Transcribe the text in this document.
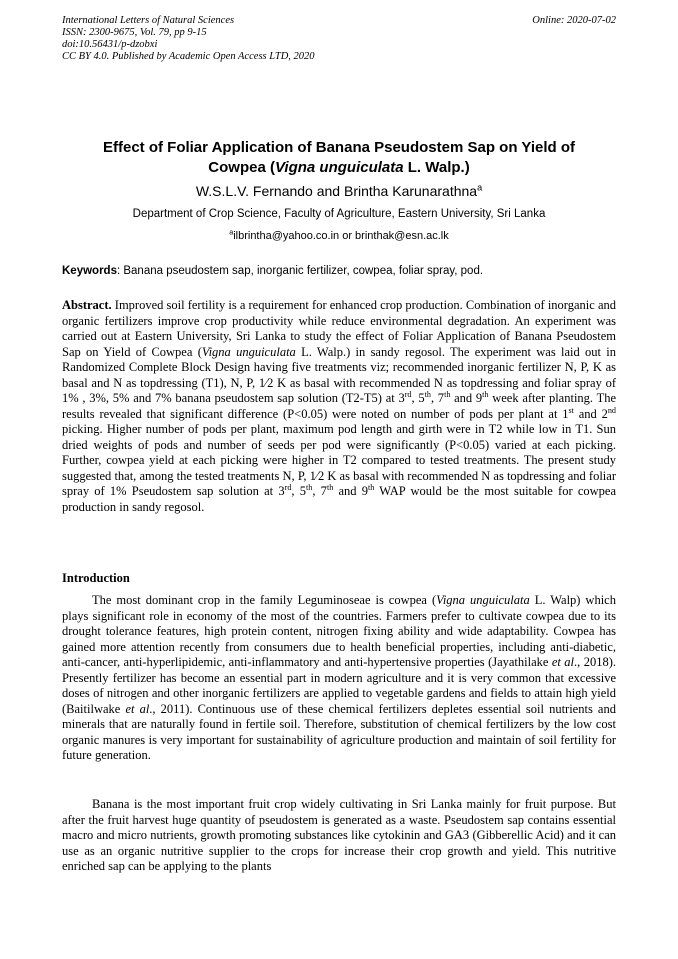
International Letters of Natural Sciences
ISSN: 2300-9675, Vol. 79, pp 9-15
doi:10.56431/p-dzobxi
CC BY 4.0. Published by Academic Open Access LTD, 2020
Online: 2020-07-02
Effect of Foliar Application of Banana Pseudostem Sap on Yield of
Cowpea (Vigna unguiculata L. Walp.)
W.S.L.V. Fernando and Brintha Karunarathna$^a$
Department of Crop Science, Faculty of Agriculture, Eastern University, Sri Lanka
$^a$ilbrintha@yahoo.co.in or brinthak@esn.ac.lk
Keywords: Banana pseudostem sap, inorganic fertilizer, cowpea, foliar spray, pod.

Abstract. Improved soil fertility is a requirement for enhanced crop production. Combination of inorganic and organic fertilizers improve crop productivity while reduce environmental degradation. An experiment was carried out at Eastern University, Sri Lanka to study the effect of Foliar Application of Banana Pseudostem Sap on Yield of Cowpea (Vigna unguiculata L. Walp.) in sandy regosol. The experiment was laid out in Randomized Complete Block Design having five treatments viz; recommended inorganic fertilizer N, P, K as basal and N as topdressing (T1), N, P, 1⁄2 K as basal with recommended N as topdressing and foliar spray of 1% , 3%, 5% and 7% banana pseudostem sap solution (T2-T5) at 3rd, 5th, 7th and 9th week after planting. The results revealed that significant difference (P<0.05) were noted on number of pods per plant at 1st and 2nd picking. Higher number of pods per plant, maximum pod length and girth were in T2 while low in T1. Sun dried weights of pods and number of seeds per pod were significantly (P<0.05) varied at each picking. Further, cowpea yield at each picking were higher in T2 compared to tested treatments. The present study suggested that, among the tested treatments N, P, 1⁄2 K as basal with recommended N as topdressing and foliar spray of 1% Pseudostem sap solution at 3rd, 5th, 7th and 9th WAP would be the most suitable for cowpea production in sandy regosol.

Introduction

The most dominant crop in the family Leguminoseae is cowpea (Vigna unguiculata L. Walp) which plays significant role in economy of the most of the countries. Farmers prefer to cultivate cowpea due to its drought tolerance features, high protein content, nitrogen fixing ability and wide adaptability. Cowpea has gained more attention recently from consumers due to health beneficial properties, including anti-diabetic, anti-cancer, anti-hyperlipidemic, anti-inflammatory and anti-hypertensive properties (Jayathilake et al., 2018). Presently fertilizer has become an essential part in modern agriculture and it is very common that excessive doses of nitrogen and other inorganic fertilizers are applied to vegetable gardens and fields to attain high yield (Baitilwake et al., 2011). Continuous use of these chemical fertilizers depletes essential soil nutrients and minerals that are naturally found in fertile soil. Therefore, substitution of chemical fertilizers by the low cost organic manures is very important for sustainability of agriculture production and maintain of soil fertility for future generation.

Banana is the most important fruit crop widely cultivating in Sri Lanka mainly for fruit purpose. But after the fruit harvest huge quantity of pseudostem is generated as a waste. Pseudostem sap contains essential macro and micro nutrients, growth promoting substances like cytokinin and GA3 (Gibberellic Acid) and it can use as an organic nutritive supplier to the crops for increase their crop growth and yield. This nutritive enriched sap can be applying to the plants
